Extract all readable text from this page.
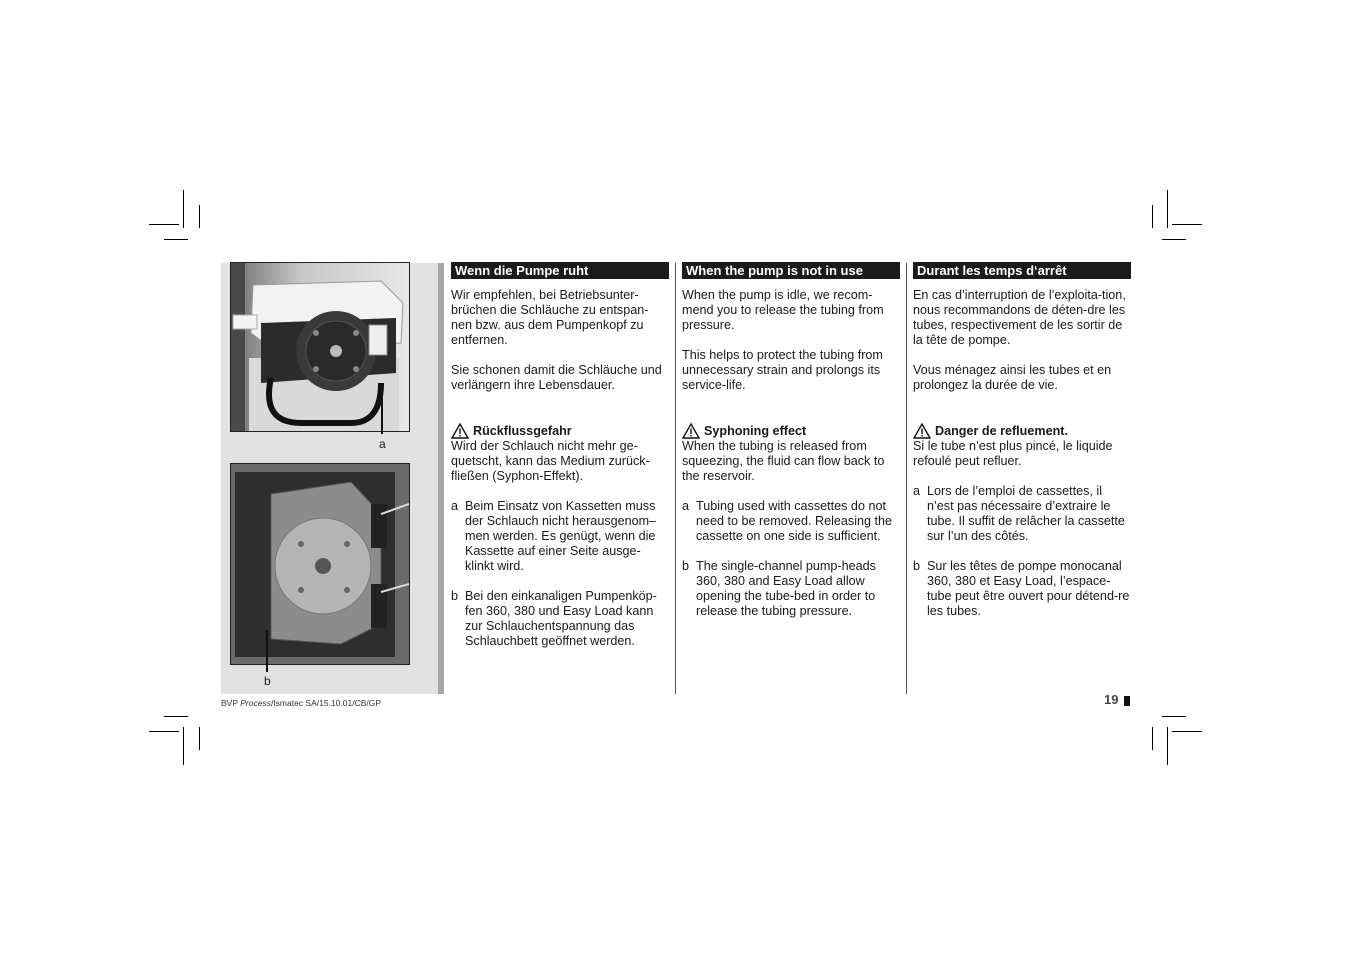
a
b
Wenn die Pumpe ruht

Wir empfehlen, bei Betriebsunter-brüchen die Schläuche zu entspan-nen bzw. aus dem Pumpenkopf zu entfernen.

Sie schonen damit die Schläuche und verlängern ihre Lebensdauer.

Rückflussgefahr

Wird der Schlauch nicht mehr ge-quetscht, kann das Medium zurück-fließen (Syphon-Effekt).

a Beim Einsatz von Kassetten muss der Schlauch nicht herausgenom–men werden. Es genügt, wenn die Kassette auf einer Seite ausge-klinkt wird.
b Bei den einkanaligen Pumpenköp-fen 360, 380 und Easy Load kann zur Schlauchentspannung das Schlauchbett geöffnet werden.
When the pump is not in use

When the pump is idle, we recom-mend you to release the tubing from pressure.

This helps to protect the tubing from unnecessary strain and prolongs its service-life.

Syphoning effect

When the tubing is released from squeezing, the fluid can flow back to the reservoir.

a Tubing used with cassettes do not need to be removed. Releasing the cassette on one side is sufficient.
b The single-channel pump-heads 360, 380 and Easy Load allow opening the tube-bed in order to release the tubing pressure.
Durant les temps d‘arrêt

En cas d’interruption de l’exploita-tion, nous recommandons de déten-dre les tubes, respectivement de les sortir de la tête de pompe.

Vous ménagez ainsi les tubes et en prolongez la durée de vie.

Danger de refluement.

Si le tube n’est plus pincé, le liquide refoulé peut refluer.

a Lors de l’emploi de cassettes, il n’est pas nécessaire d’extraire le tube. Il suffit de relâcher la cassette sur l’un des côtés.
b Sur les têtes de pompe monocanal 360, 380 et Easy Load, l’espace-tube peut être ouvert pour détend-re les tubes.
BVP Process/Ismatec SA/15.10.01/CB/GP	19
